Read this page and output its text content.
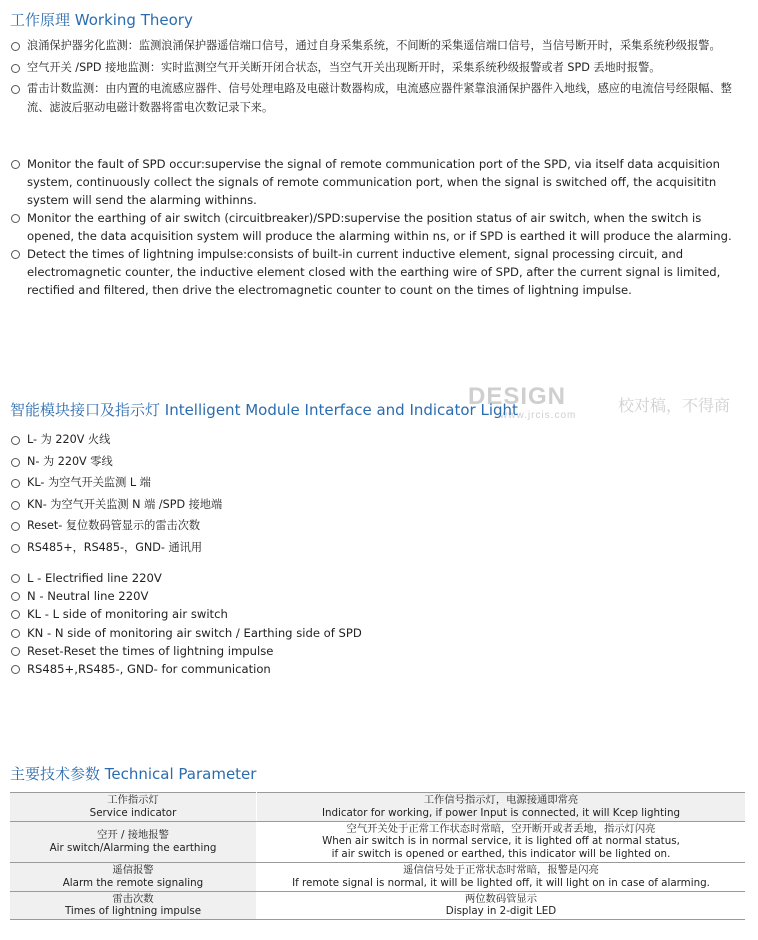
工作原理 Working Theory
浪涌保护器劣化监测：监测浪涌保护器遥信端口信号，通过自身采集系统，不间断的采集遥信端口信号，当信号断开时，采集系统秒级报警。
空气开关 /SPD 接地监测：实时监测空气开关断开闭合状态，当空气开关出现断开时，采集系统秒级报警或者 SPD 丢地时报警。
雷击计数监测：由内置的电流感应器件、信号处理电路及电磁计数器构成，电流感应器件紧靠浪涌保护器件入地线，感应的电流信号经限幅、整流、滤波后驱动电磁计数器将雷电次数记录下来。
Monitor the fault of SPD occur:supervise the signal of remote communication port of the SPD, via itself data acquisition system, continuously collect the signals of remote communication port, when the signal is switched off, the acquisititn system will send the alarming withinns.
Monitor the earthing of air switch (circuitbreaker)/SPD:supervise the position status of air switch, when the switch is opened, the data acquisition system will produce the alarming within ns, or if SPD is earthed it will produce the alarming.
Detect the times of lightning impulse:consists of built-in current inductive element, signal processing circuit, and electromagnetic counter, the inductive element closed with the earthing wire of SPD, after the current signal is limited, rectified and filtered, then drive the electromagnetic counter to count on the times of lightning impulse.
DESIGN	校对稿，不得商
www.jrcis.com
智能模块接口及指示灯 Intelligent Module Interface and Indicator Light
L- 为 220V 火线
N- 为 220V 零线
KL- 为空气开关监测 L 端
KN- 为空气开关监测 N 端 /SPD 接地端
Reset- 复位数码管显示的雷击次数
RS485+，RS485-，GND- 通讯用
L - Electrified line 220V
N - Neutral line 220V
KL - L side of monitoring air switch
KN - N side of monitoring air switch / Earthing side of SPD
Reset-Reset the times of lightning impulse
RS485+,RS485-, GND- for communication
主要技术参数 Technical Parameter
工作指示灯
Service indicator	工作信号指示灯，电源接通即常亮
Indicator for working, if power Input is connected, it will Kcep lighting

空开 / 接地报警
Air switch/Alarming the earthing	空气开关处于正常工作状态时常暗，空开断开或者丢地，指示灯闪亮
When air switch is in normal service, it is lighted off at normal status,
if air switch is opened or earthed, this indicator will be lighted on.

遥信报警
Alarm the remote signaling	遥信信号处于正常状态时常暗，报警是闪亮
If remote signal is normal, it will be lighted off, it will light on in case of alarming.

雷击次数
Times of lightning impulse	两位数码管显示
Display in 2-digit LED
